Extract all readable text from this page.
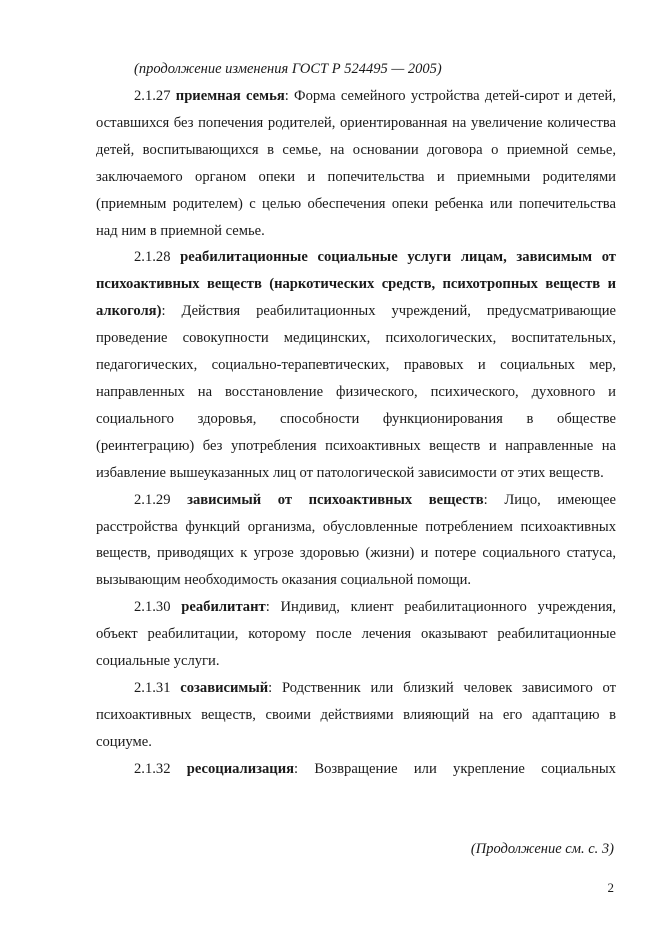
(продолжение изменения ГОСТ Р 524495 — 2005)

2.1.27 приемная семья: Форма семейного устройства детей-сирот и детей, оставшихся без попечения родителей, ориентированная на увеличение количества детей, воспитывающихся в семье, на основании договора о приемной семье, заключаемого органом опеки и попечительства и приемными родителями (приемным родителем) с целью обеспечения опеки ребенка или попечительства над ним в приемной семье.

2.1.28 реабилитационные социальные услуги лицам, зависимым от психоактивных веществ (наркотических средств, психотропных веществ и алкоголя): Действия реабилитационных учреждений, предусматривающие проведение совокупности медицинских, психологических, воспитательных, педагогических, социально-терапевтических, правовых и социальных мер, направленных на восстановление физического, психического, духовного и социального здоровья, способности функционирования в обществе (реинтеграцию) без употребления психоактивных веществ и направленные на избавление вышеуказанных лиц от патологической зависимости от этих веществ.

2.1.29 зависимый от психоактивных веществ: Лицо, имеющее расстройства функций организма, обусловленные потреблением психоактивных веществ, приводящих к угрозе здоровью (жизни) и потере социального статуса, вызывающим необходимость оказания социальной помощи.

2.1.30 реабилитант: Индивид, клиент реабилитационного учреждения, объект реабилитации, которому после лечения оказывают реабилитационные социальные услуги.

2.1.31 созависимый: Родственник или близкий человек зависимого от психоактивных веществ, своими действиями влияющий на его адаптацию в социуме.

2.1.32 ресоциализация: Возвращение или укрепление социальных

(Продолжение см. с. 3)

2
